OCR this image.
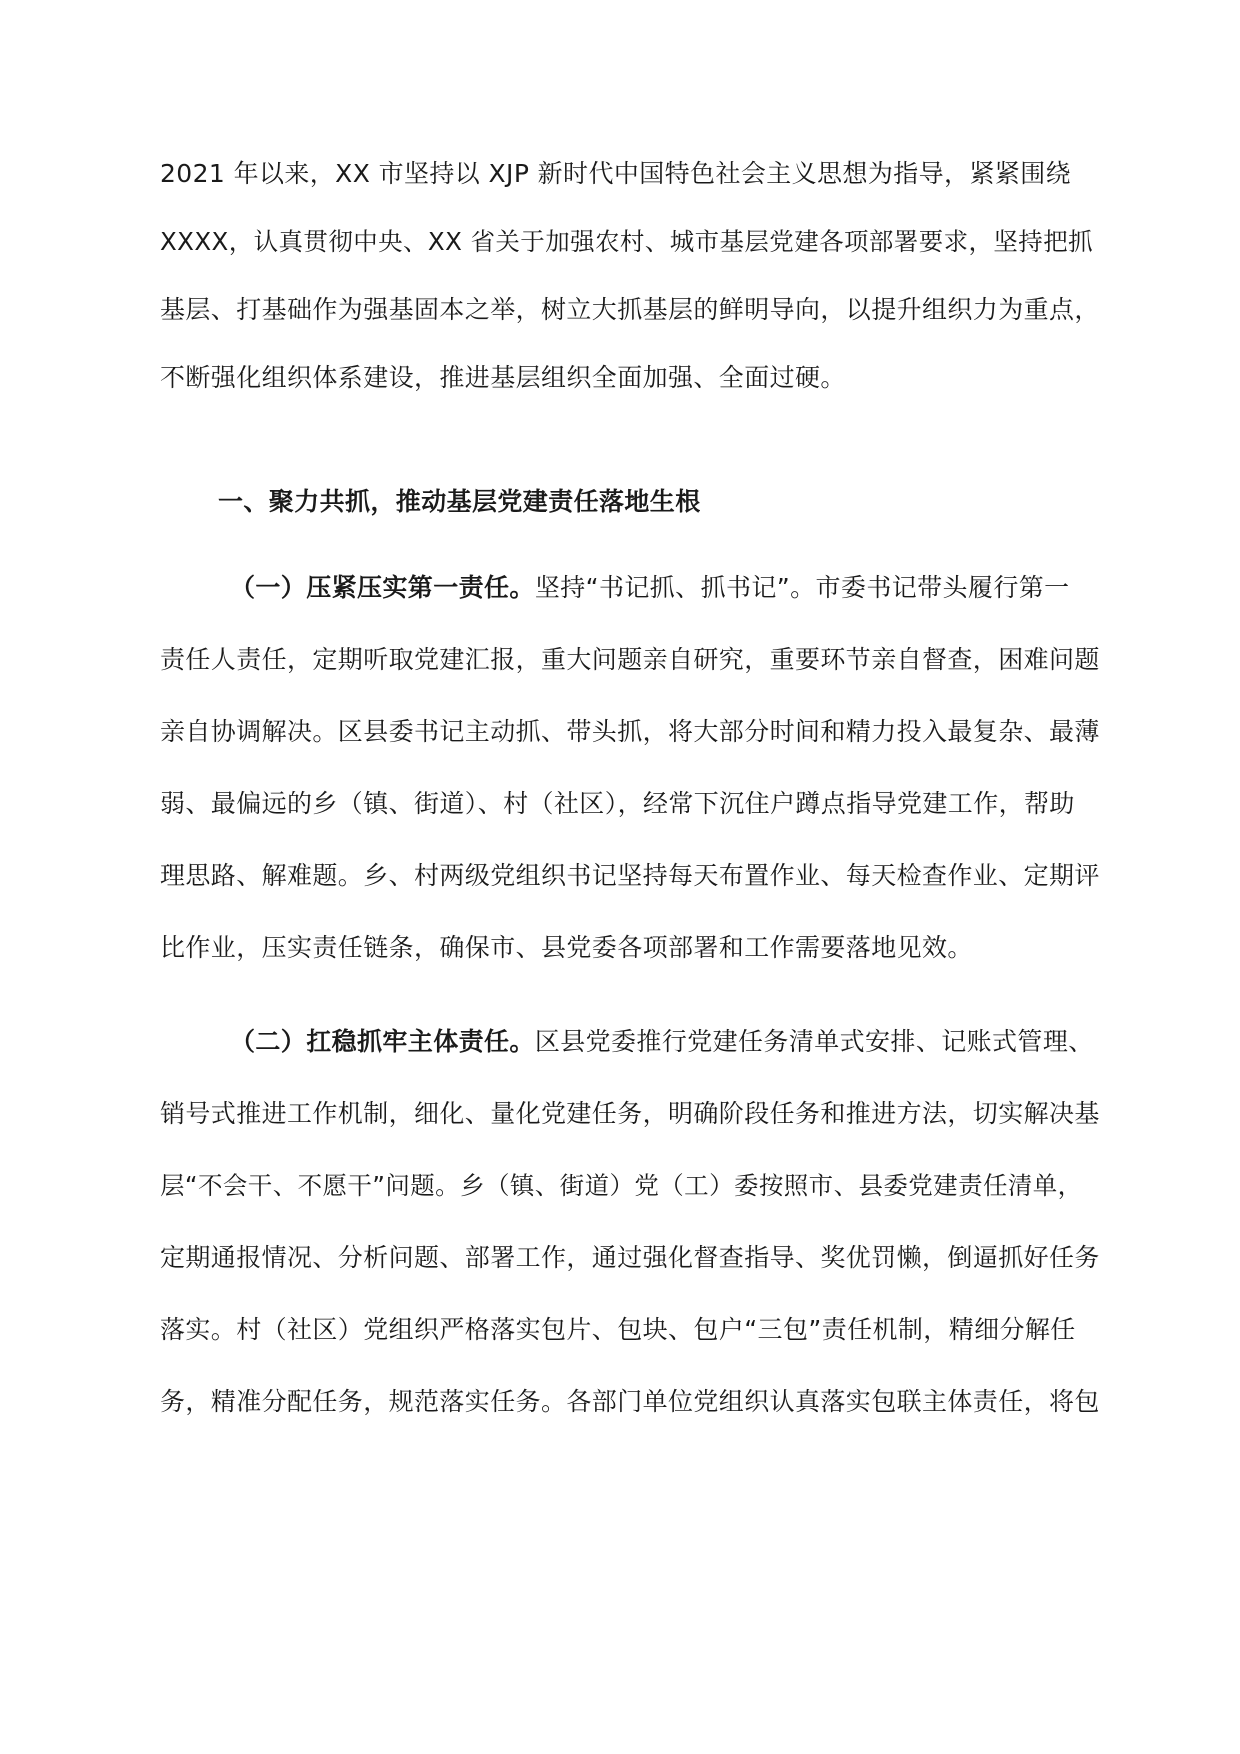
2021 年以来，XX 市坚持以 XJP 新时代中国特色社会主义思想为指导，紧紧围绕
XXXX，认真贯彻中央、XX 省关于加强农村、城市基层党建各项部署要求，坚持把抓
基层、打基础作为强基固本之举，树立大抓基层的鲜明导向，以提升组织力为重点，
不断强化组织体系建设，推进基层组织全面加强、全面过硬。
一、聚力共抓，推动基层党建责任落地生根
（一）压紧压实第一责任。坚持“书记抓、抓书记”。市委书记带头履行第一
责任人责任，定期听取党建汇报，重大问题亲自研究，重要环节亲自督查，困难问题
亲自协调解决。区县委书记主动抓、带头抓，将大部分时间和精力投入最复杂、最薄
弱、最偏远的乡（镇、街道）、村（社区），经常下沉住户蹲点指导党建工作，帮助
理思路、解难题。乡、村两级党组织书记坚持每天布置作业、每天检查作业、定期评
比作业，压实责任链条，确保市、县党委各项部署和工作需要落地见效。
（二）扛稳抓牢主体责任。区县党委推行党建任务清单式安排、记账式管理、
销号式推进工作机制，细化、量化党建任务，明确阶段任务和推进方法，切实解决基
层“不会干、不愿干”问题。乡（镇、街道）党（工）委按照市、县委党建责任清单，
定期通报情况、分析问题、部署工作，通过强化督查指导、奖优罚懒，倒逼抓好任务
落实。村（社区）党组织严格落实包片、包块、包户“三包”责任机制，精细分解任
务，精准分配任务，规范落实任务。各部门单位党组织认真落实包联主体责任，将包
